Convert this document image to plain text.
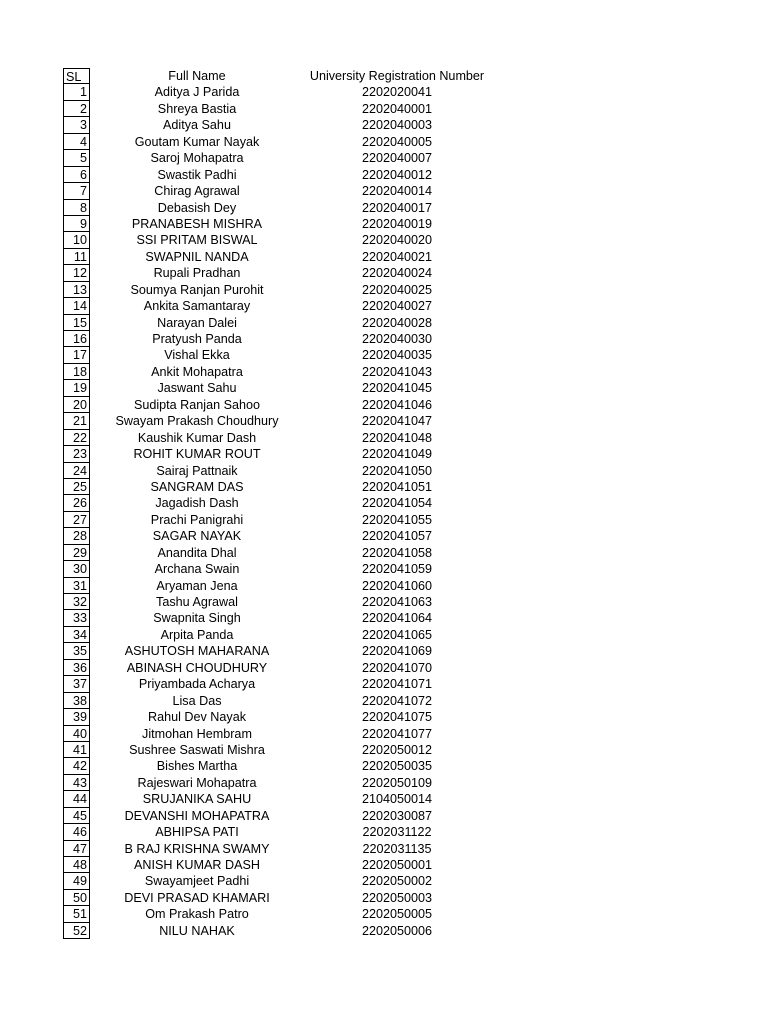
SL	Full Name	University Registration Number
1	Aditya J Parida	2202020041
2	Shreya Bastia	2202040001
3	Aditya Sahu	2202040003
4	Goutam Kumar Nayak	2202040005
5	Saroj Mohapatra	2202040007
6	Swastik Padhi	2202040012
7	Chirag Agrawal	2202040014
8	Debasish Dey	2202040017
9	PRANABESH MISHRA	2202040019
10	SSI PRITAM BISWAL	2202040020
11	SWAPNIL NANDA	2202040021
12	Rupali Pradhan	2202040024
13	Soumya Ranjan Purohit	2202040025
14	Ankita Samantaray	2202040027
15	Narayan Dalei	2202040028
16	Pratyush Panda	2202040030
17	Vishal Ekka	2202040035
18	Ankit Mohapatra	2202041043
19	Jaswant Sahu	2202041045
20	Sudipta Ranjan Sahoo	2202041046
21	Swayam Prakash Choudhury	2202041047
22	Kaushik Kumar Dash	2202041048
23	ROHIT KUMAR ROUT	2202041049
24	Sairaj Pattnaik	2202041050
25	SANGRAM DAS	2202041051
26	Jagadish Dash	2202041054
27	Prachi Panigrahi	2202041055
28	SAGAR NAYAK	2202041057
29	Anandita Dhal	2202041058
30	Archana Swain	2202041059
31	Aryaman Jena	2202041060
32	Tashu Agrawal	2202041063
33	Swapnita Singh	2202041064
34	Arpita Panda	2202041065
35	ASHUTOSH MAHARANA	2202041069
36	ABINASH CHOUDHURY	2202041070
37	Priyambada Acharya	2202041071
38	Lisa Das	2202041072
39	Rahul Dev Nayak	2202041075
40	Jitmohan Hembram	2202041077
41	Sushree Saswati Mishra	2202050012
42	Bishes Martha	2202050035
43	Rajeswari Mohapatra	2202050109
44	SRUJANIKA SAHU	2104050014
45	DEVANSHI MOHAPATRA	2202030087
46	ABHIPSA PATI	2202031122
47	B RAJ KRISHNA SWAMY	2202031135
48	ANISH KUMAR DASH	2202050001
49	Swayamjeet Padhi	2202050002
50	DEVI PRASAD KHAMARI	2202050003
51	Om Prakash Patro	2202050005
52	NILU NAHAK	2202050006
